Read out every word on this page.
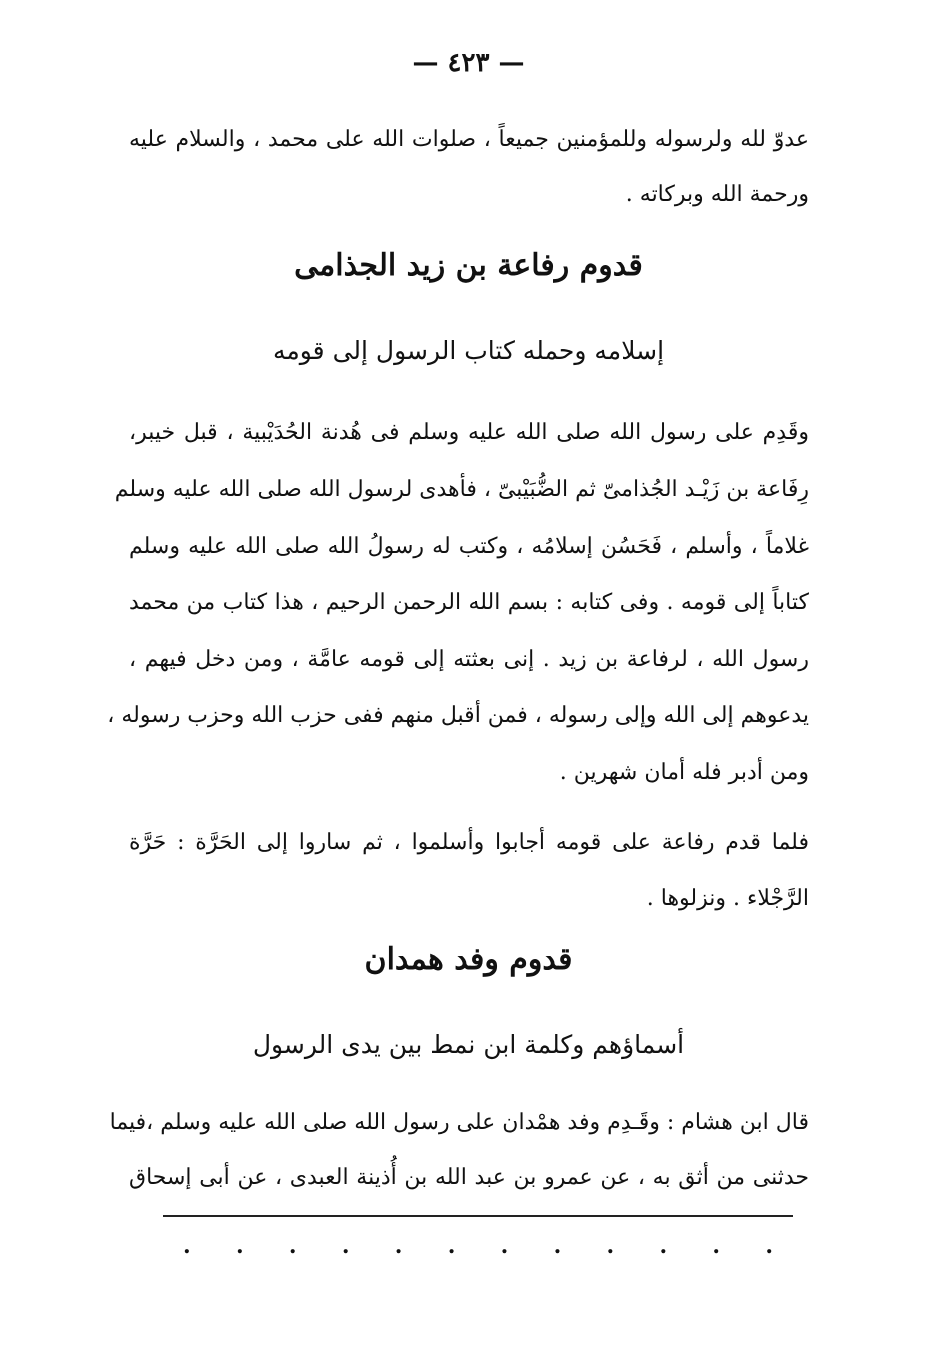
— ٤٢٣ —
عدوّ لله ولرسوله وللمؤمنين جميعاً ، صلوات الله على محمد ، والسلام عليه
ورحمة الله وبركاته .
قدوم رفاعة بن زيد الجذامى
إسلامه وحمله كتاب الرسول إلى قومه
وقَدِم على رسول الله صلى الله عليه وسلم فى هُدنة الحُدَيْبية ، قبل خيبر،
رِفَاعة بن زَيْـد الجُذامىّ ثم الضُّبَيْبىّ ، فأهدى لرسول الله صلى الله عليه وسلم
غلاماً ، وأسلم ، فَحَسُن إسلامُه ، وكتب له رسولُ الله صلى الله عليه وسلم
كتاباً إلى قومه . وفى كتابه : بسم الله الرحمن الرحيم ، هذا كتاب من محمد
رسول الله ، لرفاعة بن زيد . إنى بعثته إلى قومه عامَّة ، ومن دخل فيهم ،
يدعوهم إلى الله وإلى رسوله ، فمن أقبل منهم ففى حزب الله وحزب رسوله ،
ومن أدبر فله أمان شهرين .
فلما قدم رفاعة على قومه أجابوا وأسلموا ، ثم ساروا إلى الحَرَّة : حَرَّة
الرَّجْلاء . ونزلوها .
قدوم وفد همدان
أسماؤهم وكلمة ابن نمط بين يدى الرسول
قال ابن هشام : وقَـدِم وفد همْدان على رسول الله صلى الله عليه وسلم ،فيما
حدثنى من أثق به ، عن عمرو بن عبد الله بن أُذينة العبدى ، عن أبى إسحاق
. . . . . . . . . . . .
